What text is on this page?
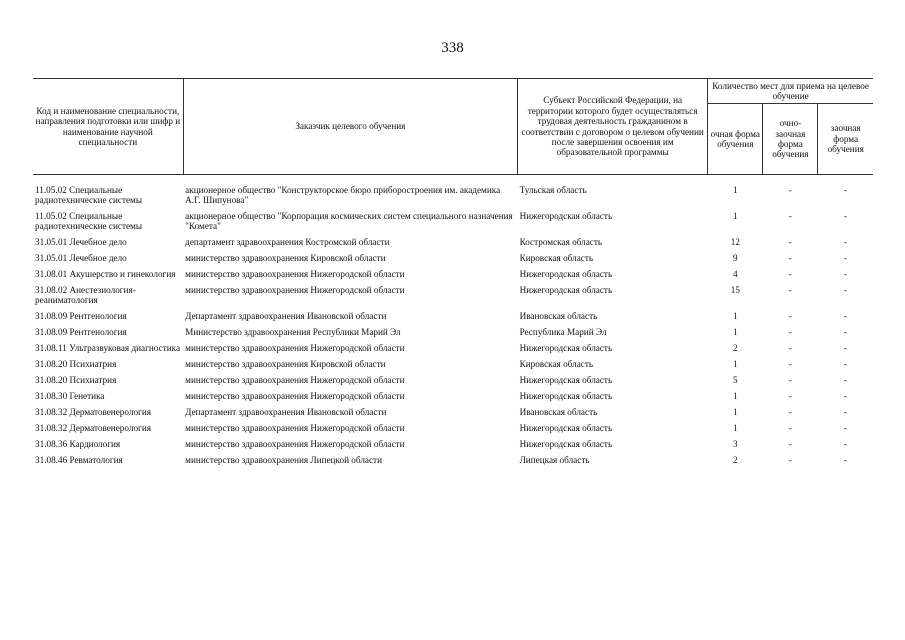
338
Код и наименование специальности, направления подготовки или шифр и наименование научной специальности	Заказчик целевого обучения	Субъект Российской Федерации, на территории которого будет осуществляться трудовая деятельность гражданином в соответствии с договором о целевом обучении после завершения освоения им образовательной программы	Количество мест для приема на целевое обучение		
			очная форма обучения	очно-заочная форма обучения	заочная форма обучения

11.05.02 Специальные радиотехнические системы	акционерное общество "Конструкторское бюро приборостроения им. академика А.Г. Шипунова"	Тульская область	1	-	-
11.05.02 Специальные радиотехнические системы	акционерное общество "Корпорация космических систем специального назначения "Комета"	Нижегородская область	1	-	-
31.05.01 Лечебное дело	департамент здравоохранения Костромской области	Костромская область	12	-	-
31.05.01 Лечебное дело	министерство здравоохранения Кировской области	Кировская область	9	-	-
31.08.01 Акушерство и гинекология	министерство здравоохранения Нижегородской области	Нижегородская область	4	-	-
31.08.02 Анестезиология-реаниматология	министерство здравоохранения Нижегородской области	Нижегородская область	15	-	-
31.08.09 Рентгенология	Департамент здравоохранения Ивановской области	Ивановская область	1	-	-
31.08.09 Рентгенология	Министерство здравоохранения Республики Марий Эл	Республика Марий Эл	1	-	-
31.08.11 Ультразвуковая диагностика	министерство здравоохранения Нижегородской области	Нижегородская область	2	-	-
31.08.20 Психиатрия	министерство здравоохранения Кировской области	Кировская область	1	-	-
31.08.20 Психиатрия	министерство здравоохранения Нижегородской области	Нижегородская область	5	-	-
31.08.30 Генетика	министерство здравоохранения Нижегородской области	Нижегородская область	1	-	-
31.08.32 Дерматовенерология	Департамент здравоохранения Ивановской области	Ивановская область	1	-	-
31.08.32 Дерматовенерология	министерство здравоохранения Нижегородской области	Нижегородская область	1	-	-
31.08.36 Кардиология	министерство здравоохранения Нижегородской области	Нижегородская область	3	-	-
31.08.46 Ревматология	министерство здравоохранения Липецкой области	Липецкая область	2	-	-
